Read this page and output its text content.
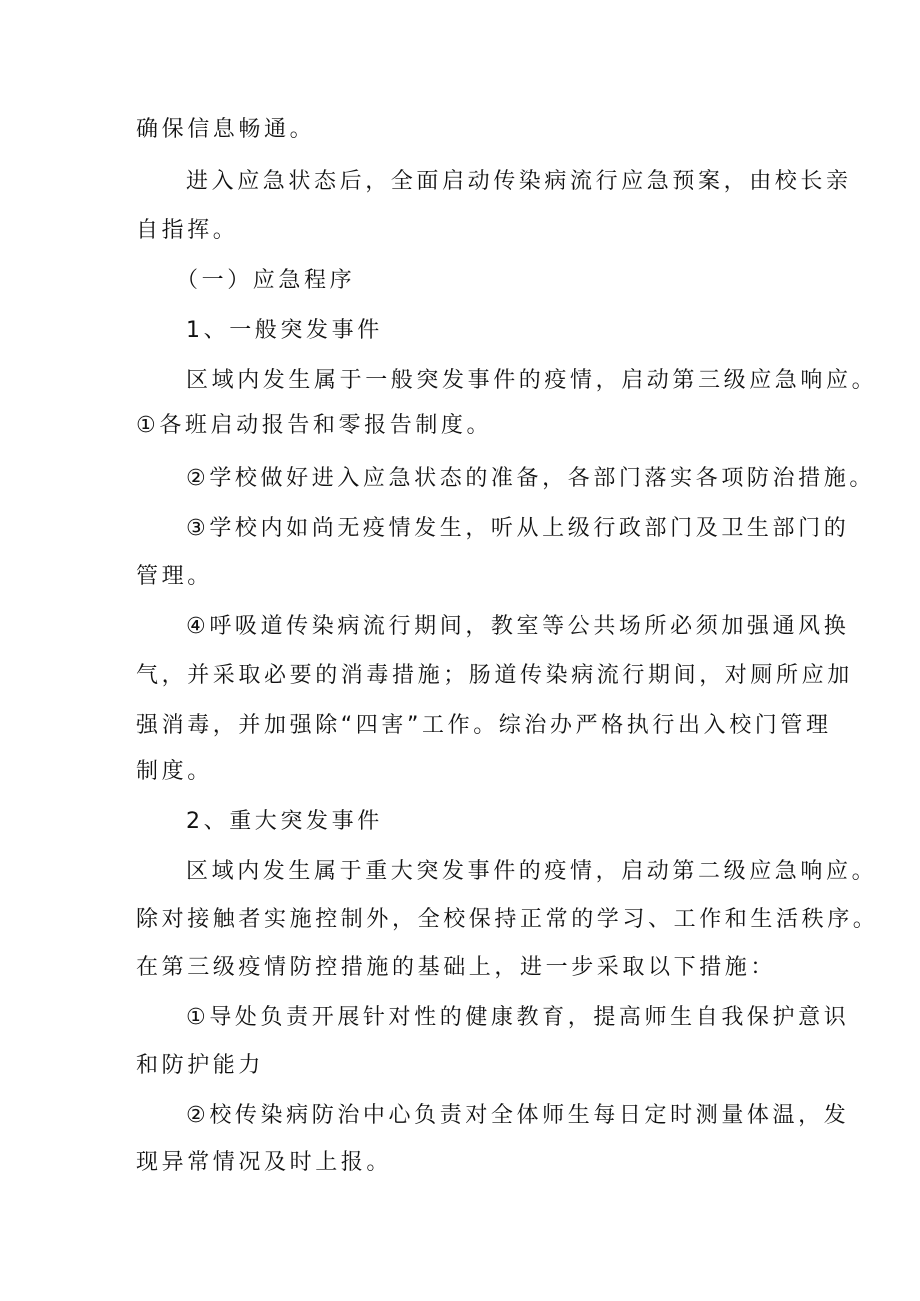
确保信息畅通。
进入应急状态后，全面启动传染病流行应急预案，由校长亲
自指挥。
（一）应急程序
1、一般突发事件
区域内发生属于一般突发事件的疫情，启动第三级应急响应。
①各班启动报告和零报告制度。
②学校做好进入应急状态的准备，各部门落实各项防治措施。
③学校内如尚无疫情发生，听从上级行政部门及卫生部门的
管理。
④呼吸道传染病流行期间，教室等公共场所必须加强通风换
气，并采取必要的消毒措施；肠道传染病流行期间，对厕所应加
强消毒，并加强除“四害”工作。综治办严格执行出入校门管理
制度。
2、重大突发事件
区域内发生属于重大突发事件的疫情，启动第二级应急响应。
除对接触者实施控制外，全校保持正常的学习、工作和生活秩序。
在第三级疫情防控措施的基础上，进一步采取以下措施：
①导处负责开展针对性的健康教育，提高师生自我保护意识
和防护能力
②校传染病防治中心负责对全体师生每日定时测量体温，发
现异常情况及时上报。
